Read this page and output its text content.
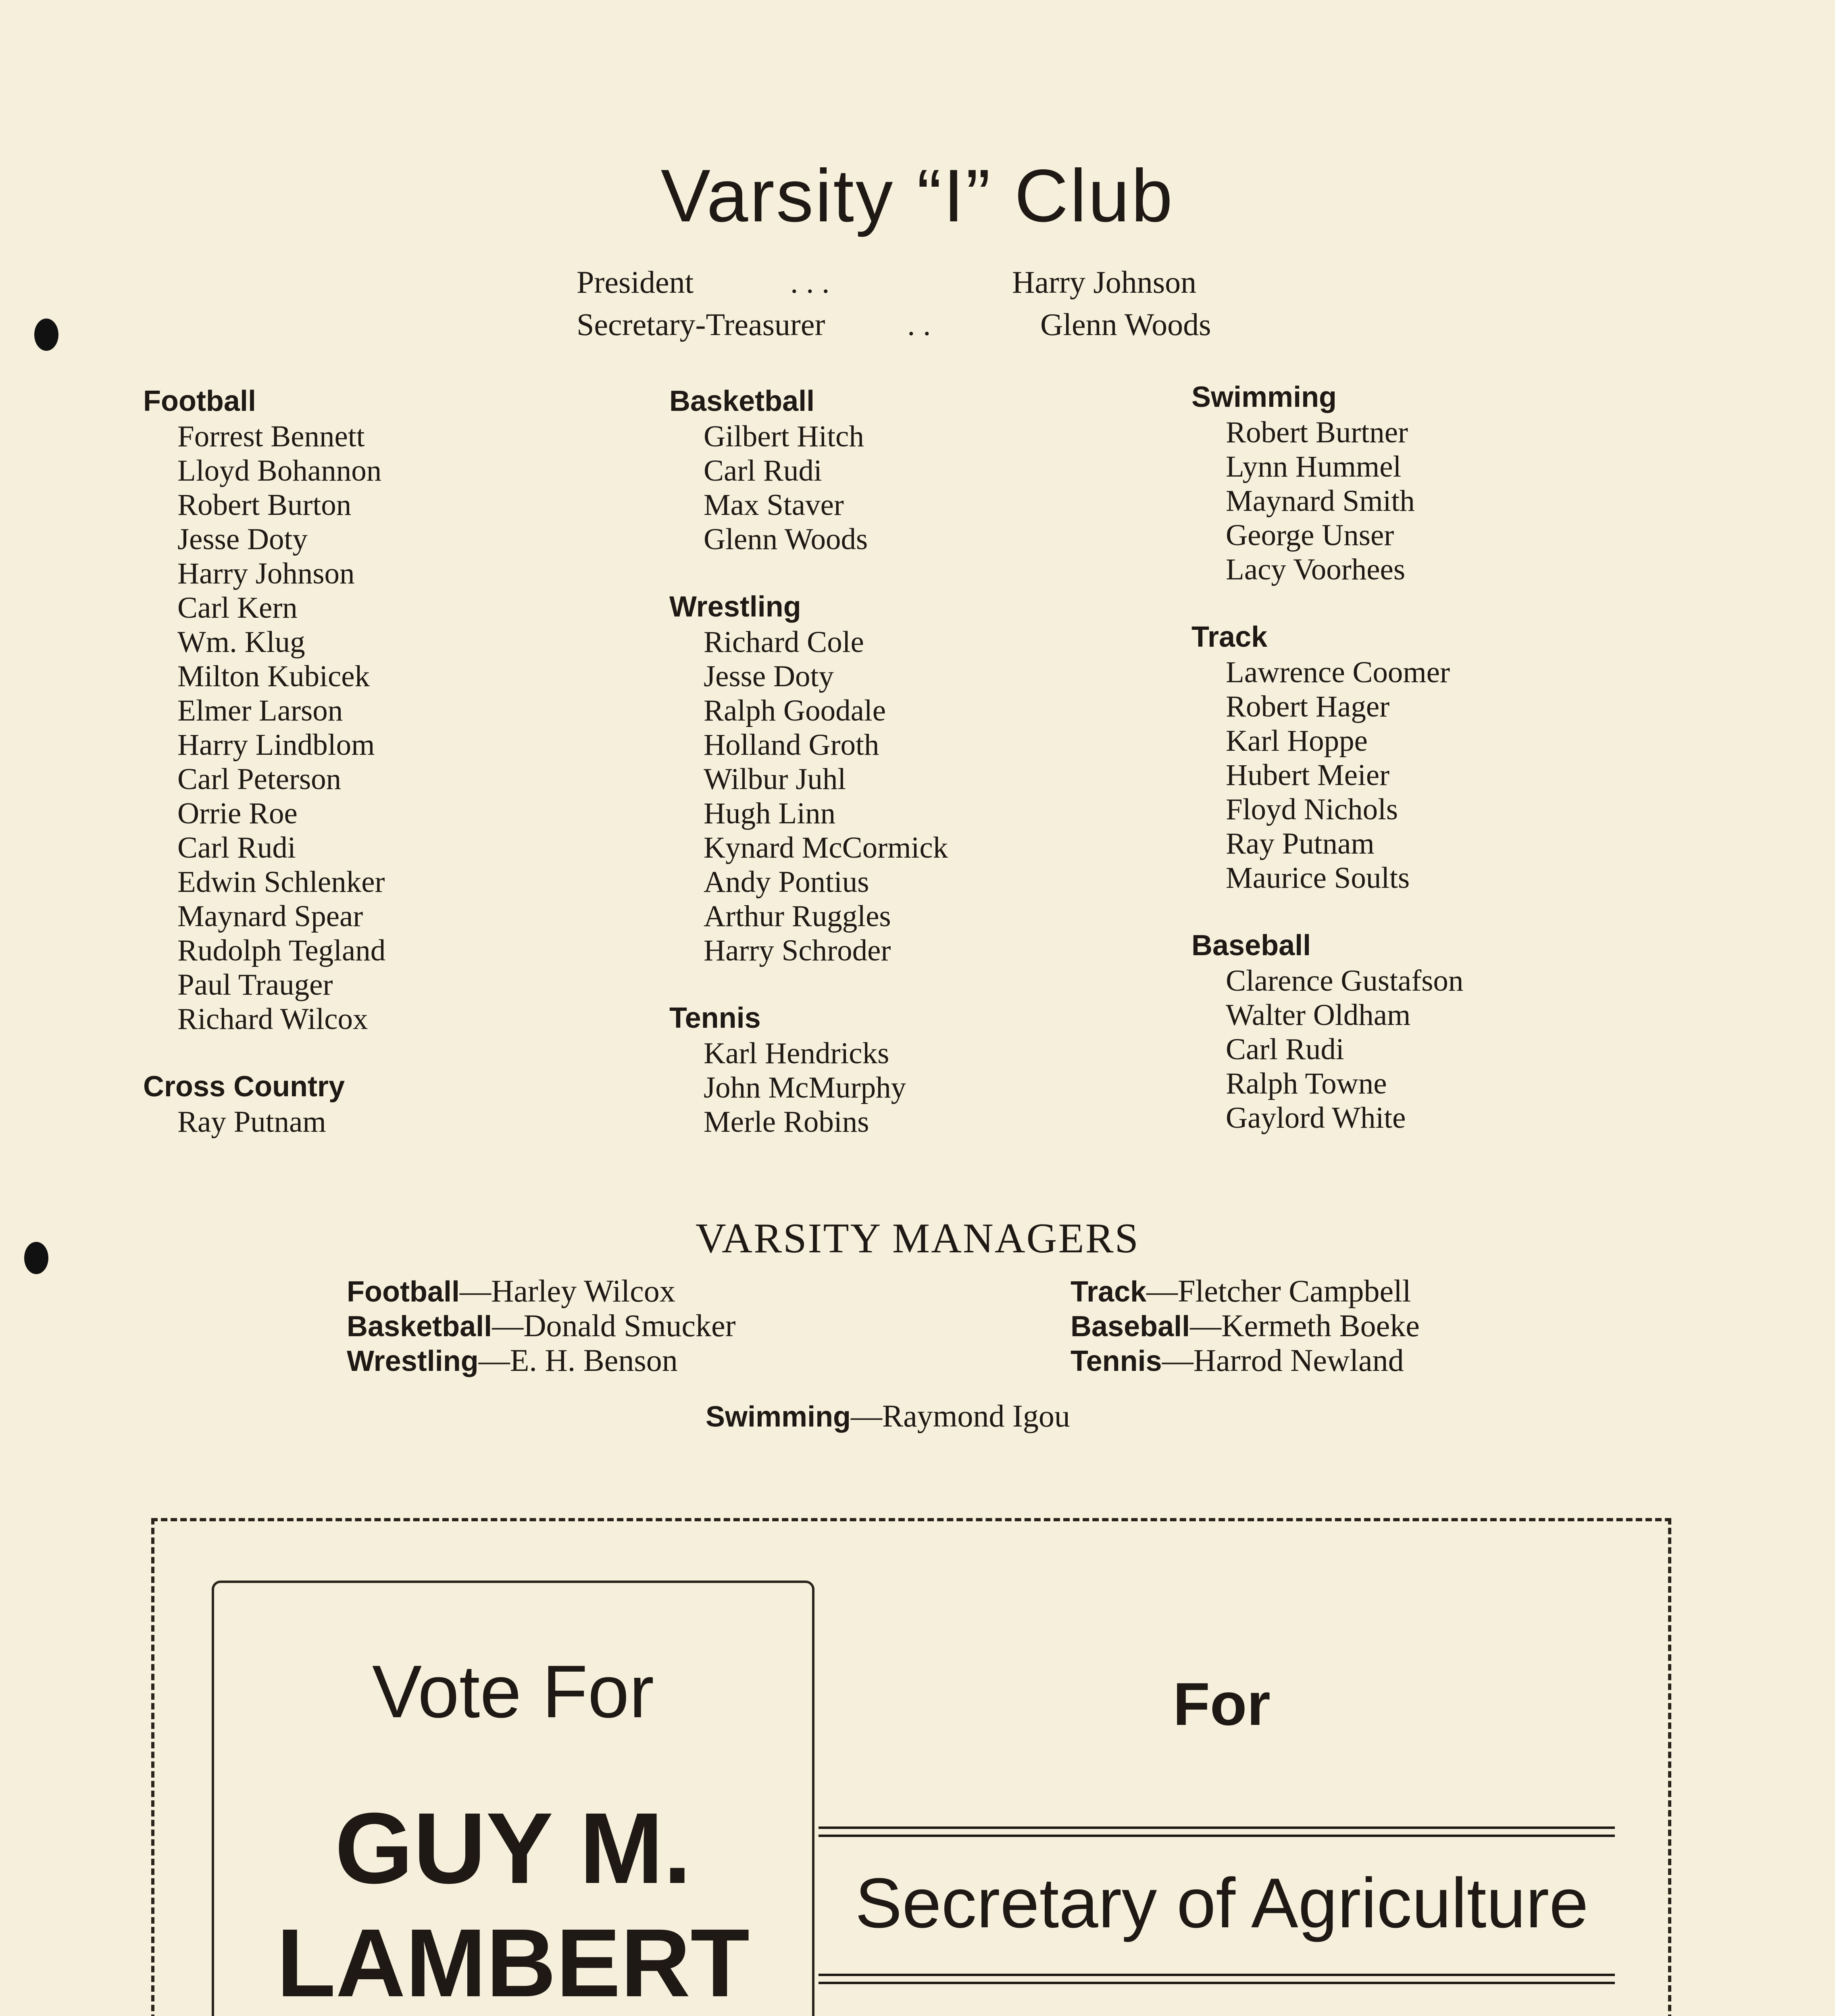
Varsity “I” Club
President	. . .	Harry Johnson
Secretary-Treasurer	. .	Glenn Woods
Football
Forrest Bennett
Lloyd Bohannon
Robert Burton
Jesse Doty
Harry Johnson
Carl Kern
Wm. Klug
Milton Kubicek
Elmer Larson
Harry Lindblom
Carl Peterson
Orrie Roe
Carl Rudi
Edwin Schlenker
Maynard Spear
Rudolph Tegland
Paul Trauger
Richard Wilcox
Cross Country
Ray Putnam
Basketball
Gilbert Hitch
Carl Rudi
Max Staver
Glenn Woods
Wrestling
Richard Cole
Jesse Doty
Ralph Goodale
Holland Groth
Wilbur Juhl
Hugh Linn
Kynard McCormick
Andy Pontius
Arthur Ruggles
Harry Schroder
Tennis
Karl Hendricks
John McMurphy
Merle Robins
Swimming
Robert Burtner
Lynn Hummel
Maynard Smith
George Unser
Lacy Voorhees
Track
Lawrence Coomer
Robert Hager
Karl Hoppe
Hubert Meier
Floyd Nichols
Ray Putnam
Maurice Soults
Baseball
Clarence Gustafson
Walter Oldham
Carl Rudi
Ralph Towne
Gaylord White
VARSITY MANAGERS
Football—Harley Wilcox
Basketball—Donald Smucker
Wrestling—E. H. Benson
Track—Fletcher Campbell
Baseball—Kermeth Boeke
Tennis—Harrod Newland
Swimming—Raymond Igou
Vote For
GUY M.
LAMBERT
For
Secretary of Agriculture
